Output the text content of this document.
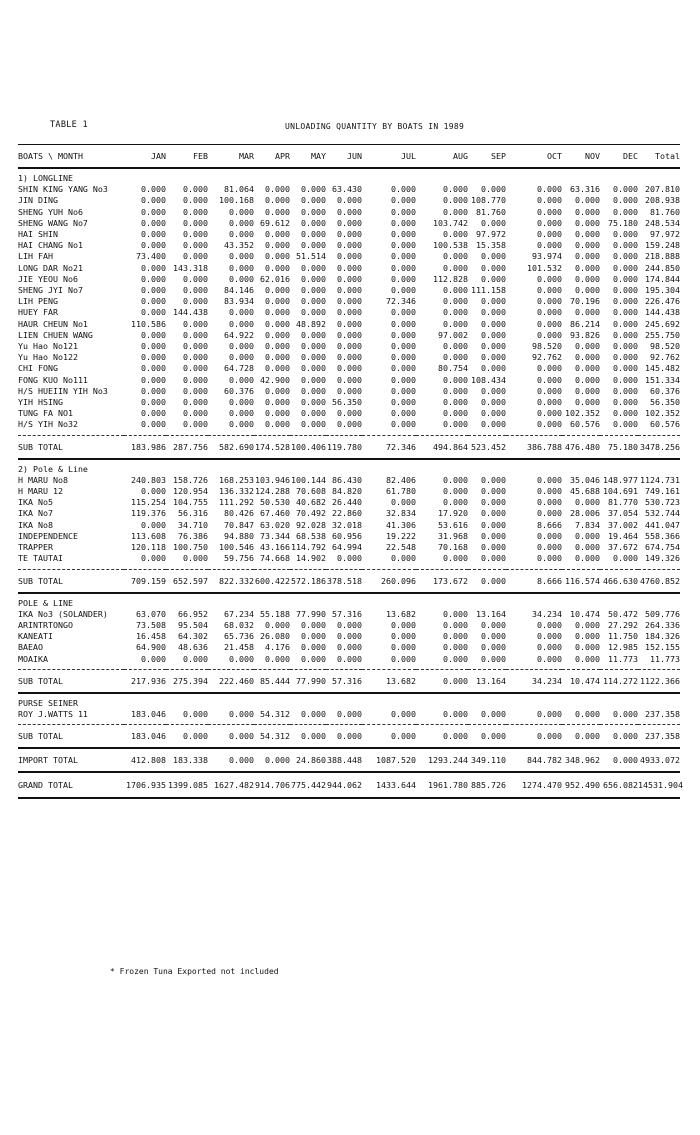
TABLE 1	UNLOADING QUANTITY BY BOATS IN 1989
BOATS \ MONTH	JAN	FEB	MAR	APR	MAY	JUN	JUL	AUG	SEP	OCT	NOV	DEC	Total
1) LONGLINE													
SHIN KING YANG No3	0.000	0.000	81.064	0.000	0.000	63.430	0.000	0.000	0.000	0.000	63.316	0.000	207.810
JIN DING	0.000	0.000	100.168	0.000	0.000	0.000	0.000	0.000	108.770	0.000	0.000	0.000	208.938
SHENG YUH No6	0.000	0.000	0.000	0.000	0.000	0.000	0.000	0.000	81.760	0.000	0.000	0.000	81.760
SHENG WANG No7	0.000	0.000	0.000	69.612	0.000	0.000	0.000	103.742	0.000	0.000	0.000	75.180	248.534
HAI SHIN	0.000	0.000	0.000	0.000	0.000	0.000	0.000	0.000	97.972	0.000	0.000	0.000	97.972
HAI CHANG No1	0.000	0.000	43.352	0.000	0.000	0.000	0.000	100.538	15.358	0.000	0.000	0.000	159.248
LIH FAH	73.400	0.000	0.000	0.000	51.514	0.000	0.000	0.000	0.000	93.974	0.000	0.000	218.888
LONG DAR No21	0.000	143.318	0.000	0.000	0.000	0.000	0.000	0.000	0.000	101.532	0.000	0.000	244.850
JIE YEOU No6	0.000	0.000	0.000	62.016	0.000	0.000	0.000	112.828	0.000	0.000	0.000	0.000	174.844
SHENG JYI No7	0.000	0.000	84.146	0.000	0.000	0.000	0.000	0.000	111.158	0.000	0.000	0.000	195.304
LIH PENG	0.000	0.000	83.934	0.000	0.000	0.000	72.346	0.000	0.000	0.000	70.196	0.000	226.476
HUEY FAR	0.000	144.438	0.000	0.000	0.000	0.000	0.000	0.000	0.000	0.000	0.000	0.000	144.438
HAUR CHEUN No1	110.586	0.000	0.000	0.000	48.892	0.000	0.000	0.000	0.000	0.000	86.214	0.000	245.692
LIEN CHUEN WANG	0.000	0.000	64.922	0.000	0.000	0.000	0.000	97.002	0.000	0.000	93.826	0.000	255.750
Yu Hao No121	0.000	0.000	0.000	0.000	0.000	0.000	0.000	0.000	0.000	98.520	0.000	0.000	98.520
Yu Hao No122	0.000	0.000	0.000	0.000	0.000	0.000	0.000	0.000	0.000	92.762	0.000	0.000	92.762
CHI FONG	0.000	0.000	64.728	0.000	0.000	0.000	0.000	80.754	0.000	0.000	0.000	0.000	145.482
FONG KUO No111	0.000	0.000	0.000	42.900	0.000	0.000	0.000	0.000	108.434	0.000	0.000	0.000	151.334
H/S HUEIIN YIH No3	0.000	0.000	60.376	0.000	0.000	0.000	0.000	0.000	0.000	0.000	0.000	0.000	60.376
YIH HSING	0.000	0.000	0.000	0.000	0.000	56.350	0.000	0.000	0.000	0.000	0.000	0.000	56.350
TUNG FA NO1	0.000	0.000	0.000	0.000	0.000	0.000	0.000	0.000	0.000	0.000	102.352	0.000	102.352
H/S YIH No32	0.000	0.000	0.000	0.000	0.000	0.000	0.000	0.000	0.000	0.000	60.576	0.000	60.576

SUB TOTAL	183.986	287.756	582.690	174.528	100.406	119.780	72.346	494.864	523.452	386.788	476.480	75.180	3478.256
2) Pole & Line													
H MARU No8	240.803	158.726	168.253	103.946	100.144	86.430	82.406	0.000	0.000	0.000	35.046	148.977	1124.731
H MARU 12	0.000	120.954	136.332	124.288	70.608	84.820	61.780	0.000	0.000	0.000	45.688	104.691	749.161
IKA No5	115.254	104.755	111.292	50.530	40.682	26.440	0.000	0.000	0.000	0.000	0.000	81.770	530.723
IKA No7	119.376	56.316	80.426	67.460	70.492	22.860	32.834	17.920	0.000	0.000	28.006	37.054	532.744
IKA No8	0.000	34.710	70.847	63.020	92.028	32.018	41.306	53.616	0.000	8.666	7.834	37.002	441.047
INDEPENDENCE	113.608	76.386	94.880	73.344	68.538	60.956	19.222	31.968	0.000	0.000	0.000	19.464	558.366
TRAPPER	120.118	100.750	100.546	43.166	114.792	64.994	22.548	70.168	0.000	0.000	0.000	37.672	674.754
TE TAUTAI	0.000	0.000	59.756	74.668	14.902	0.000	0.000	0.000	0.000	0.000	0.000	0.000	149.326

SUB TOTAL	709.159	652.597	822.332	600.422	572.186	378.518	260.096	173.672	0.000	8.666	116.574	466.630	4760.852
POLE & LINE													
IKA No3 (SOLANDER)	63.070	66.952	67.234	55.188	77.990	57.316	13.682	0.000	13.164	34.234	10.474	50.472	509.776
ARINTRTONGO	73.508	95.504	68.032	0.000	0.000	0.000	0.000	0.000	0.000	0.000	0.000	27.292	264.336
KANEATI	16.458	64.302	65.736	26.080	0.000	0.000	0.000	0.000	0.000	0.000	0.000	11.750	184.326
BAEAO	64.900	48.636	21.458	4.176	0.000	0.000	0.000	0.000	0.000	0.000	0.000	12.985	152.155
MOAIKA	0.000	0.000	0.000	0.000	0.000	0.000	0.000	0.000	0.000	0.000	0.000	11.773	11.773

SUB TOTAL	217.936	275.394	222.460	85.444	77.990	57.316	13.682	0.000	13.164	34.234	10.474	114.272	1122.366
PURSE SEINER													
ROY J.WATTS 11	183.046	0.000	0.000	54.312	0.000	0.000	0.000	0.000	0.000	0.000	0.000	0.000	237.358

SUB TOTAL	183.046	0.000	0.000	54.312	0.000	0.000	0.000	0.000	0.000	0.000	0.000	0.000	237.358
IMPORT TOTAL	412.808	183.338	0.000	0.000	24.860	388.448	1087.520	1293.244	349.110	844.782	348.962	0.000	4933.072
GRAND TOTAL	1706.935	1399.085	1627.482	914.706	775.442	944.062	1433.644	1961.780	885.726	1274.470	952.490	656.082	14531.904
* Frozen Tuna Exported not included
